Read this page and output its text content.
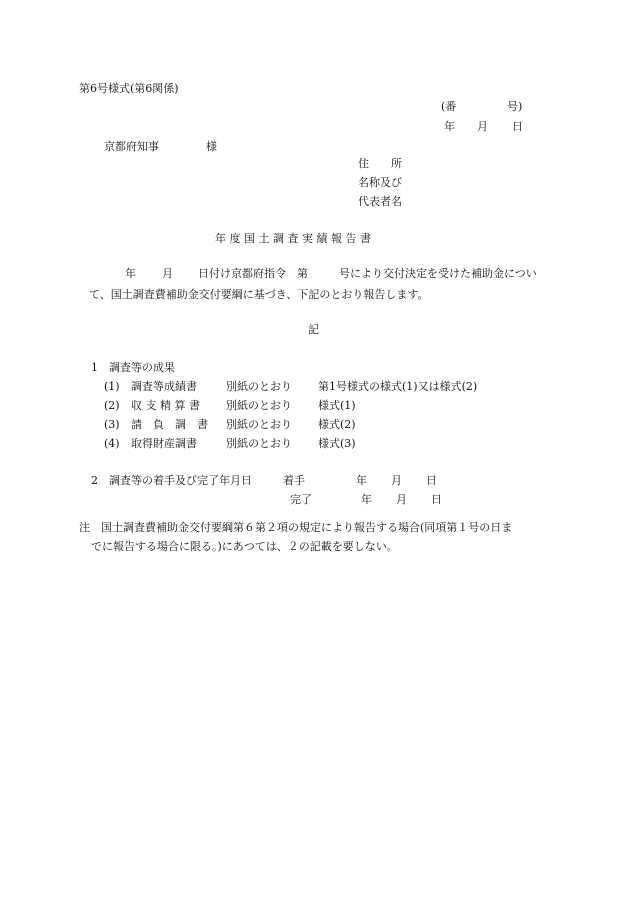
第6号様式(第6関係)
(番	号)
年 月 日
京都府知事	様
住　　所
名称及び
代表者名
年 度 国 土 調 査 実 績 報 告 書
年 月 日付け京都府指令　第	号により交付決定を受けた補助金につい
て、国土調査費補助金交付要綱に基づき、下記のとおり報告します。
記
1　調査等の成果
(1) 調査等成績書	別紙のとおり 第1号様式の様式(1)又は様式(2)
(2) 収 支 精 算 書 別紙のとおり 様式(1)
(3) 請　負　調　書 別紙のとおり 様式(2)
(4) 取得財産調書	別紙のとおり 様式(3)
2　調査等の着手及び完了年月日	着手	年 月 日
完了	年 月 日
注　国土調査費補助金交付要綱第６第２項の規定により報告する場合(同項第１号の日ま
でに報告する場合に限る。)にあつては、２の記載を要しない。
